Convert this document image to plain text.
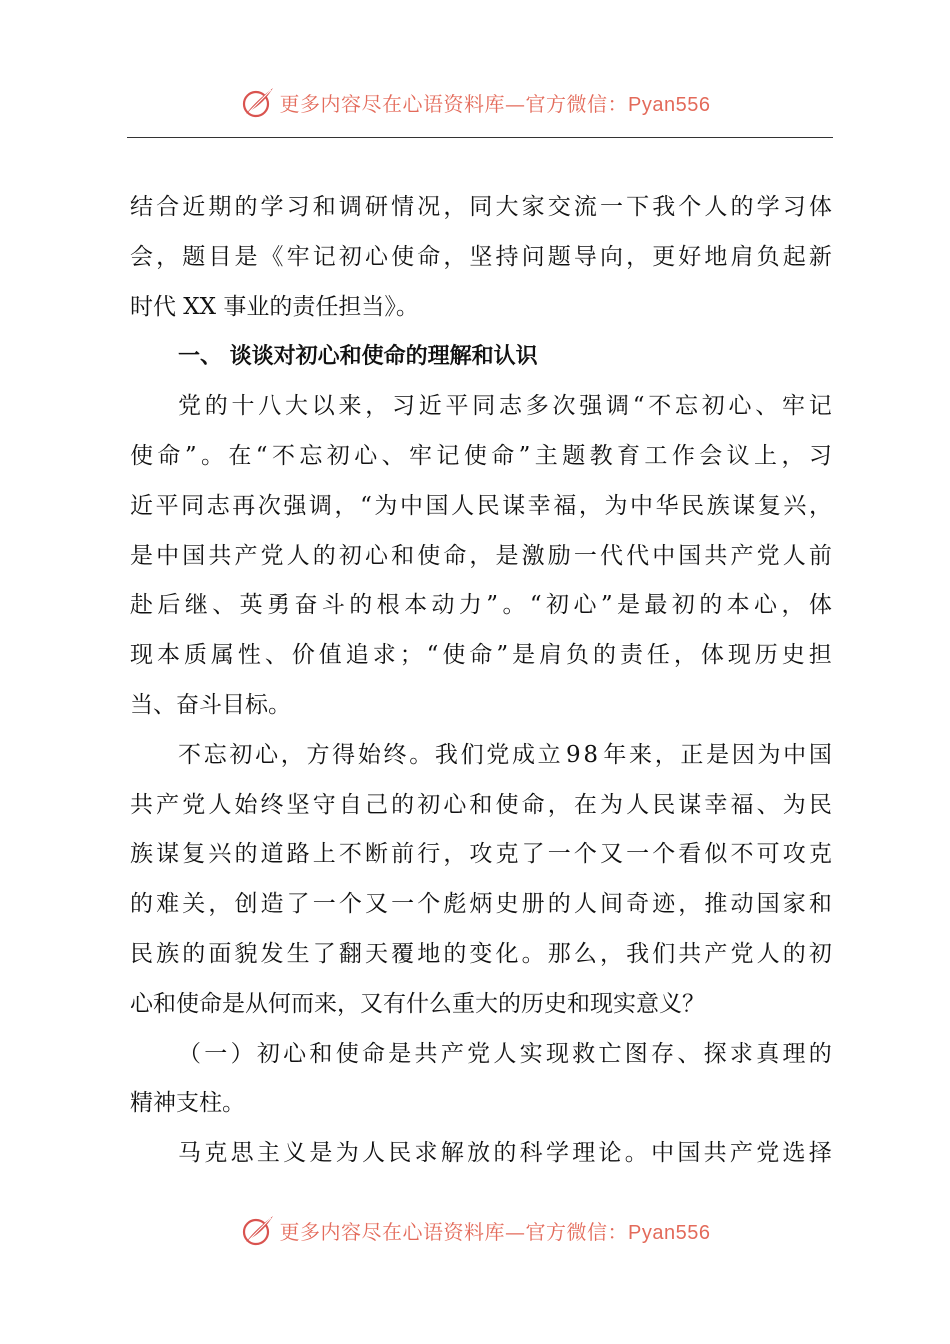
更多内容尽在心语资料库—官方微信：Pyan556
结 合 近 期 的 学 习 和 调 研 情 况 ， 同 大 家 交 流 一 下 我 个 人 的 学 习 体
会 ， 题 目 是 《 牢 记 初 心 使 命 ， 坚 持 问 题 导 向 ， 更 好 地 肩 负 起 新
时代 XX 事业的责任担当》。
一、 谈谈对初心和使命的理解和认识
党 的 十 八 大 以 来 ， 习 近 平 同 志 多 次 强 调 “ 不 忘 初 心 、 牢 记
使 命 ” 。 在 “ 不 忘 初 心 、 牢 记 使 命 ” 主 题 教 育 工 作 会 议 上 ， 习
近 平 同 志 再 次 强 调 ， “ 为 中 国 人 民 谋 幸 福 ， 为 中 华 民 族 谋 复 兴 ，
是 中 国 共 产 党 人 的 初 心 和 使 命 ， 是 激 励 一 代 代 中 国 共 产 党 人 前
赴 后 继 、 英 勇 奋 斗 的 根 本 动 力 ” 。 “ 初 心 ” 是 最 初 的 本 心 ， 体
现 本 质 属 性 、 价 值 追 求 ； “ 使 命 ” 是 肩 负 的 责 任 ， 体 现 历 史 担
当、奋斗目标。
不 忘 初 心 ， 方 得 始 终 。 我 们 党 成 立 9 8 年 来 ， 正 是 因 为 中 国
共 产 党 人 始 终 坚 守 自 己 的 初 心 和 使 命 ， 在 为 人 民 谋 幸 福 、 为 民
族 谋 复 兴 的 道 路 上 不 断 前 行 ， 攻 克 了 一 个 又 一 个 看 似 不 可 攻 克
的 难 关 ， 创 造 了 一 个 又 一 个 彪 炳 史 册 的 人 间 奇 迹 ， 推 动 国 家 和
民 族 的 面 貌 发 生 了 翻 天 覆 地 的 变 化 。 那 么 ， 我 们 共 产 党 人 的 初
心和使命是从何而来，又有什么重大的历史和现实意义？
（ 一 ） 初 心 和 使 命 是 共 产 党 人 实 现 救 亡 图 存 、 探 求 真 理 的
精神支柱。
马 克 思 主 义 是 为 人 民 求 解 放 的 科 学 理 论 。 中 国 共 产 党 选 择
更多内容尽在心语资料库—官方微信：Pyan556
